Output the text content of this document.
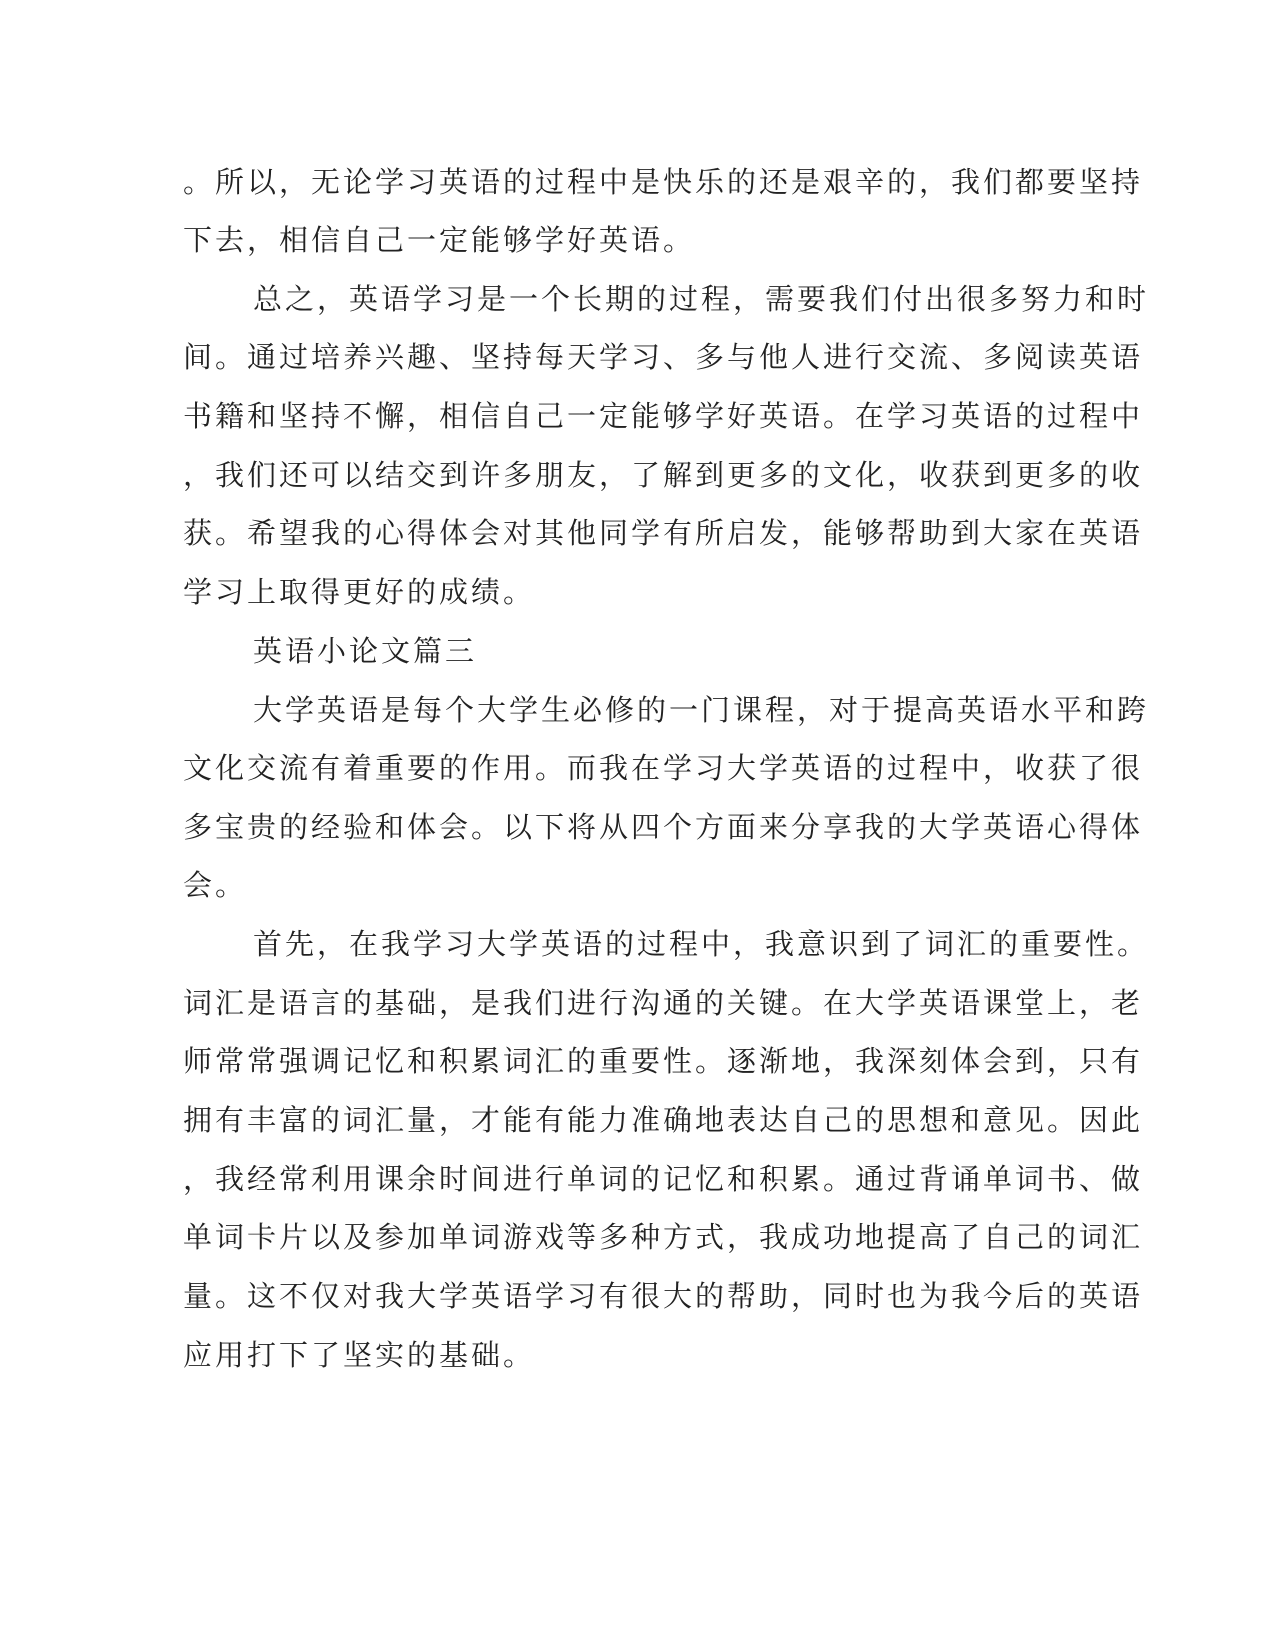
。所以，无论学习英语的过程中是快乐的还是艰辛的，我们都要坚持
下去，相信自己一定能够学好英语。
总之，英语学习是一个长期的过程，需要我们付出很多努力和时
间。通过培养兴趣、坚持每天学习、多与他人进行交流、多阅读英语
书籍和坚持不懈，相信自己一定能够学好英语。在学习英语的过程中
，我们还可以结交到许多朋友，了解到更多的文化，收获到更多的收
获。希望我的心得体会对其他同学有所启发，能够帮助到大家在英语
学习上取得更好的成绩。
英语小论文篇三
大学英语是每个大学生必修的一门课程，对于提高英语水平和跨
文化交流有着重要的作用。而我在学习大学英语的过程中，收获了很
多宝贵的经验和体会。以下将从四个方面来分享我的大学英语心得体
会。
首先，在我学习大学英语的过程中，我意识到了词汇的重要性。
词汇是语言的基础，是我们进行沟通的关键。在大学英语课堂上，老
师常常强调记忆和积累词汇的重要性。逐渐地，我深刻体会到，只有
拥有丰富的词汇量，才能有能力准确地表达自己的思想和意见。因此
，我经常利用课余时间进行单词的记忆和积累。通过背诵单词书、做
单词卡片以及参加单词游戏等多种方式，我成功地提高了自己的词汇
量。这不仅对我大学英语学习有很大的帮助，同时也为我今后的英语
应用打下了坚实的基础。
